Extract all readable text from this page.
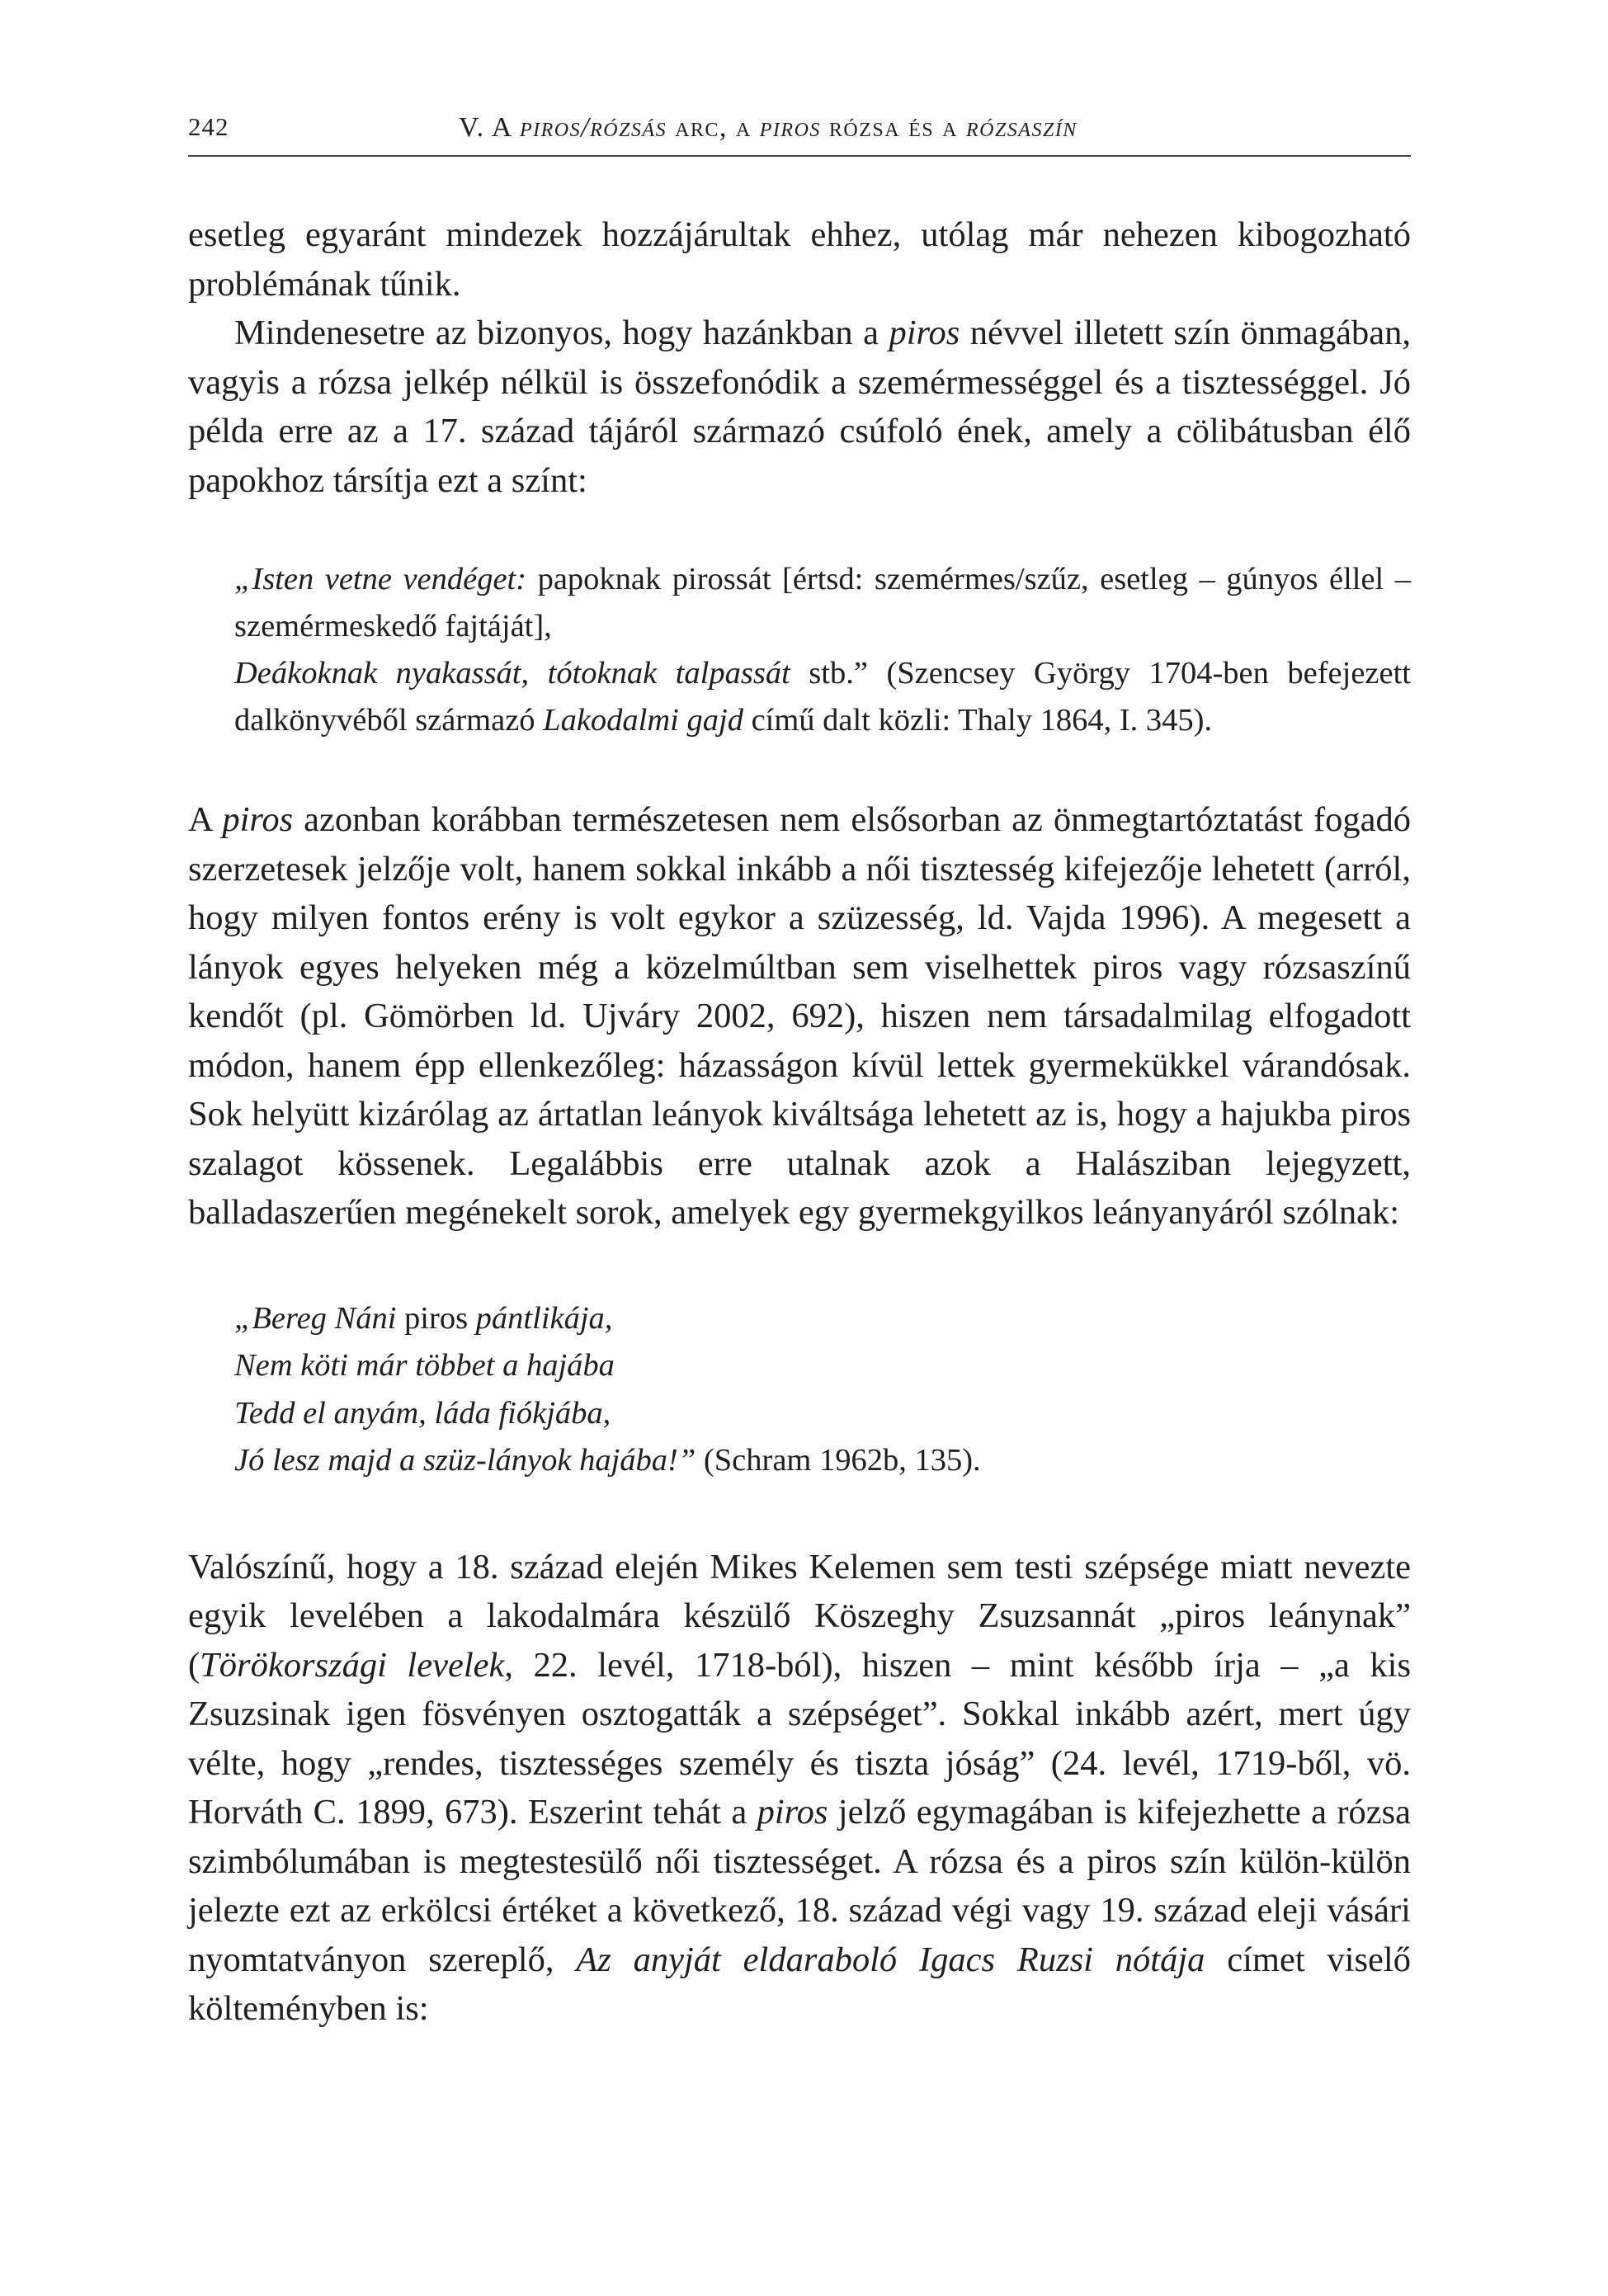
242	V. A piros/rózsás arc, a piros rózsa és a rózsaszín

esetleg egyaránt mindezek hozzájárultak ehhez, utólag már nehezen kibogozható problémának tűnik.

Mindenesetre az bizonyos, hogy hazánkban a piros névvel illetett szín önmagában, vagyis a rózsa jelkép nélkül is összefonódik a szemérmességgel és a tisztességgel. Jó példa erre az a 17. század tájáról származó csúfoló ének, amely a cölibátusban élő papokhoz társítja ezt a színt:

„Isten vetne vendéget: papoknak pirossát [értsd: szemérmes/szűz, esetleg – gúnyos éllel – szemérmeskedő fajtáját],

Deákoknak nyakassát, tótoknak talpassát stb.” (Szencsey György 1704-ben befejezett dalkönyvéből származó Lakodalmi gajd című dalt közli: Thaly 1864, I. 345).

A piros azonban korábban természetesen nem elsősorban az önmegtartóztatást fogadó szerzetesek jelzője volt, hanem sokkal inkább a női tisztesség kifejezője lehetett (arról, hogy milyen fontos erény is volt egykor a szüzesség, ld. Vajda 1996). A megesett a lányok egyes helyeken még a közelmúltban sem viselhettek piros vagy rózsaszínű kendőt (pl. Gömörben ld. Ujváry 2002, 692), hiszen nem társadalmilag elfogadott módon, hanem épp ellenkezőleg: házasságon kívül lettek gyermekükkel várandósak. Sok helyütt kizárólag az ártatlan leányok kiváltsága lehetett az is, hogy a hajukba piros szalagot kössenek. Legalábbis erre utalnak azok a Halásziban lejegyzett, balladaszerűen megénekelt sorok, amelyek egy gyermekgyilkos leányanyáról szólnak:

„Bereg Náni piros pántlikája,
Nem köti már többet a hajába
Tedd el anyám, láda fiókjába,
Jó lesz majd a szüz-lányok hajába!” (Schram 1962b, 135).

Valószínű, hogy a 18. század elején Mikes Kelemen sem testi szépsége miatt nevezte egyik levelében a lakodalmára készülő Köszeghy Zsuzsannát „piros leánynak” (Törökországi levelek, 22. levél, 1718-ból), hiszen – mint később írja – „a kis Zsuzsinak igen fösvényen osztogatták a szépséget”. Sokkal inkább azért, mert úgy vélte, hogy „rendes, tisztességes személy és tiszta jóság” (24. levél, 1719-ből, vö. Horváth C. 1899, 673). Eszerint tehát a piros jelző egymagában is kifejezhette a rózsa szimbólumában is megtestesülő női tisztességet. A rózsa és a piros szín külön-külön jelezte ezt az erkölcsi értéket a következő, 18. század végi vagy 19. század eleji vásári nyomtatványon szereplő, Az anyját eldaraboló Igacs Ruzsi nótája címet viselő költeményben is:
